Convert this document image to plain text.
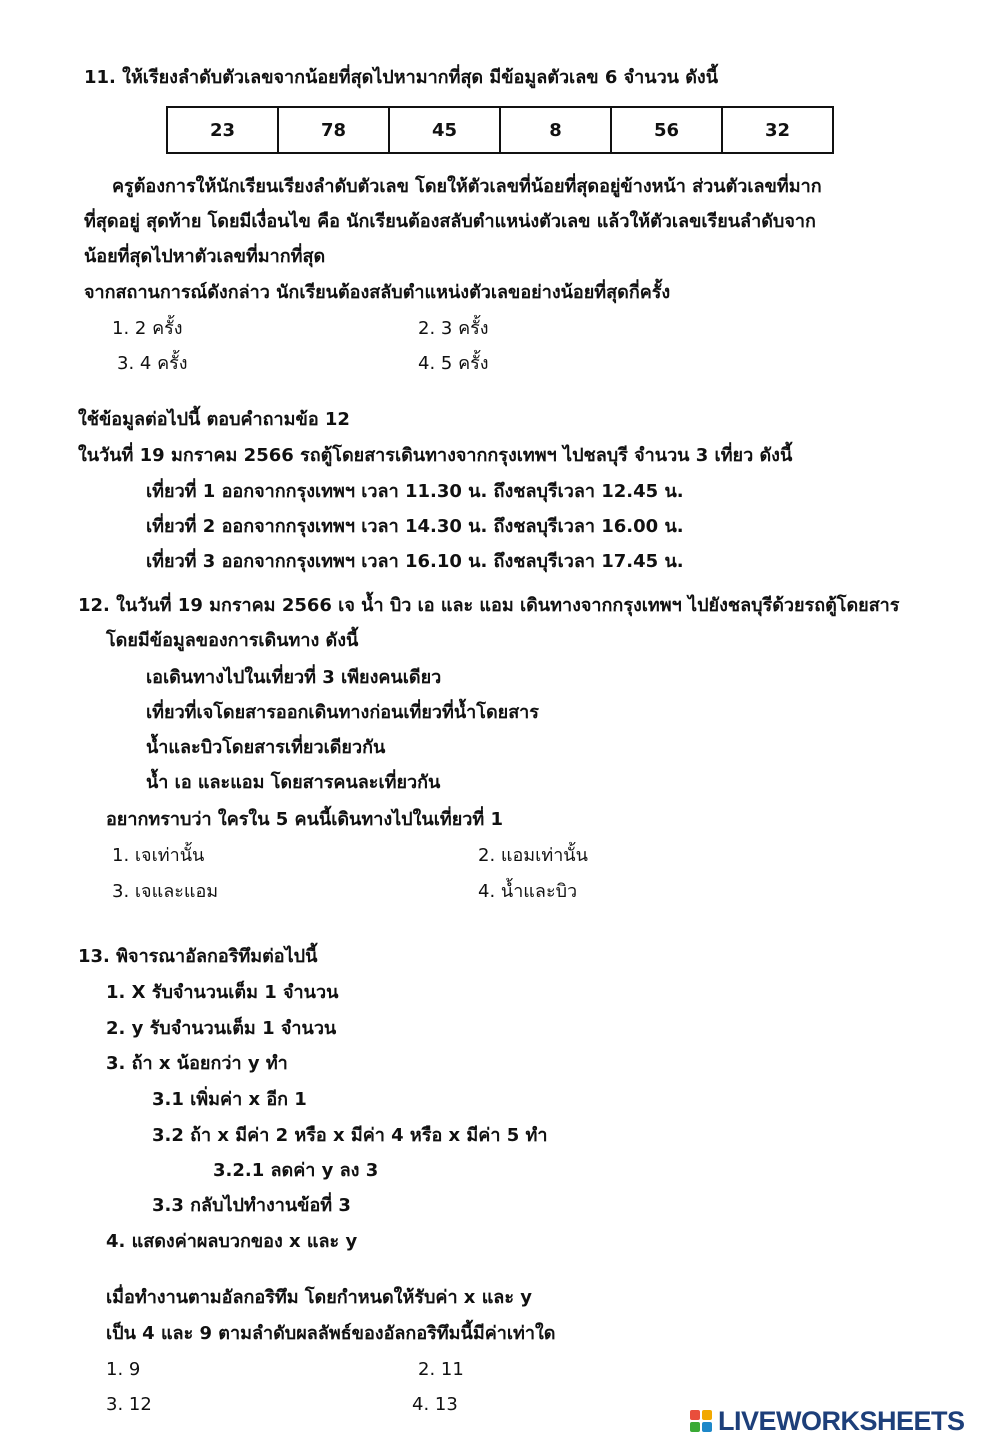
11. ให้เรียงลำดับตัวเลขจากน้อยที่สุดไปหามากที่สุด มีข้อมูลตัวเลข 6 จำนวน ดังนี้
23	78	45	8	56	32
ครูต้องการให้นักเรียนเรียงลำดับตัวเลข โดยให้ตัวเลขที่น้อยที่สุดอยู่ข้างหน้า ส่วนตัวเลขที่มาก
ที่สุดอยู่ สุดท้าย โดยมีเงื่อนไข คือ นักเรียนต้องสลับตำแหน่งตัวเลข แล้วให้ตัวเลขเรียนลำดับจาก
น้อยที่สุดไปหาตัวเลขที่มากที่สุด
จากสถานการณ์ดังกล่าว นักเรียนต้องสลับตำแหน่งตัวเลขอย่างน้อยที่สุดกี่ครั้ง
1. 2 ครั้ง	2. 3 ครั้ง
3. 4 ครั้ง	4. 5 ครั้ง
ใช้ข้อมูลต่อไปนี้ ตอบคำถามข้อ 12
ในวันที่ 19 มกราคม 2566 รถตู้โดยสารเดินทางจากกรุงเทพฯ ไปชลบุรี จำนวน 3 เที่ยว ดังนี้
เที่ยวที่ 1 ออกจากกรุงเทพฯ เวลา 11.30 น. ถึงชลบุรีเวลา 12.45 น.
เที่ยวที่ 2 ออกจากกรุงเทพฯ เวลา 14.30 น. ถึงชลบุรีเวลา 16.00 น.
เที่ยวที่ 3 ออกจากกรุงเทพฯ เวลา 16.10 น. ถึงชลบุรีเวลา 17.45 น.
12. ในวันที่ 19 มกราคม 2566 เจ น้ำ บิว เอ และ แอม เดินทางจากกรุงเทพฯ ไปยังชลบุรีด้วยรถตู้โดยสาร
โดยมีข้อมูลของการเดินทาง ดังนี้
เอเดินทางไปในเที่ยวที่ 3 เพียงคนเดียว
เที่ยวที่เจโดยสารออกเดินทางก่อนเที่ยวที่น้ำโดยสาร
น้ำและบิวโดยสารเที่ยวเดียวกัน
น้ำ เอ และแอม โดยสารคนละเที่ยวกัน
อยากทราบว่า ใครใน 5 คนนี้เดินทางไปในเที่ยวที่ 1
1. เจเท่านั้น	2. แอมเท่านั้น
3. เจและแอม	4. น้ำและบิว
13. พิจารณาอัลกอริทึมต่อไปนี้
1. X รับจำนวนเต็ม 1 จำนวน
2. y รับจำนวนเต็ม 1 จำนวน
3. ถ้า x น้อยกว่า y ทำ
3.1 เพิ่มค่า x อีก 1
3.2 ถ้า x มีค่า 2 หรือ x มีค่า 4 หรือ x มีค่า 5 ทำ
3.2.1 ลดค่า y ลง 3
3.3 กลับไปทำงานข้อที่ 3
4. แสดงค่าผลบวกของ x และ y
เมื่อทำงานตามอัลกอริทึม โดยกำหนดให้รับค่า x และ y
เป็น 4 และ 9 ตามลำดับผลลัพธ์ของอัลกอริทึมนี้มีค่าเท่าใด
1. 9	2. 11
3. 12	4. 13
LIVEWORKSHEETS
